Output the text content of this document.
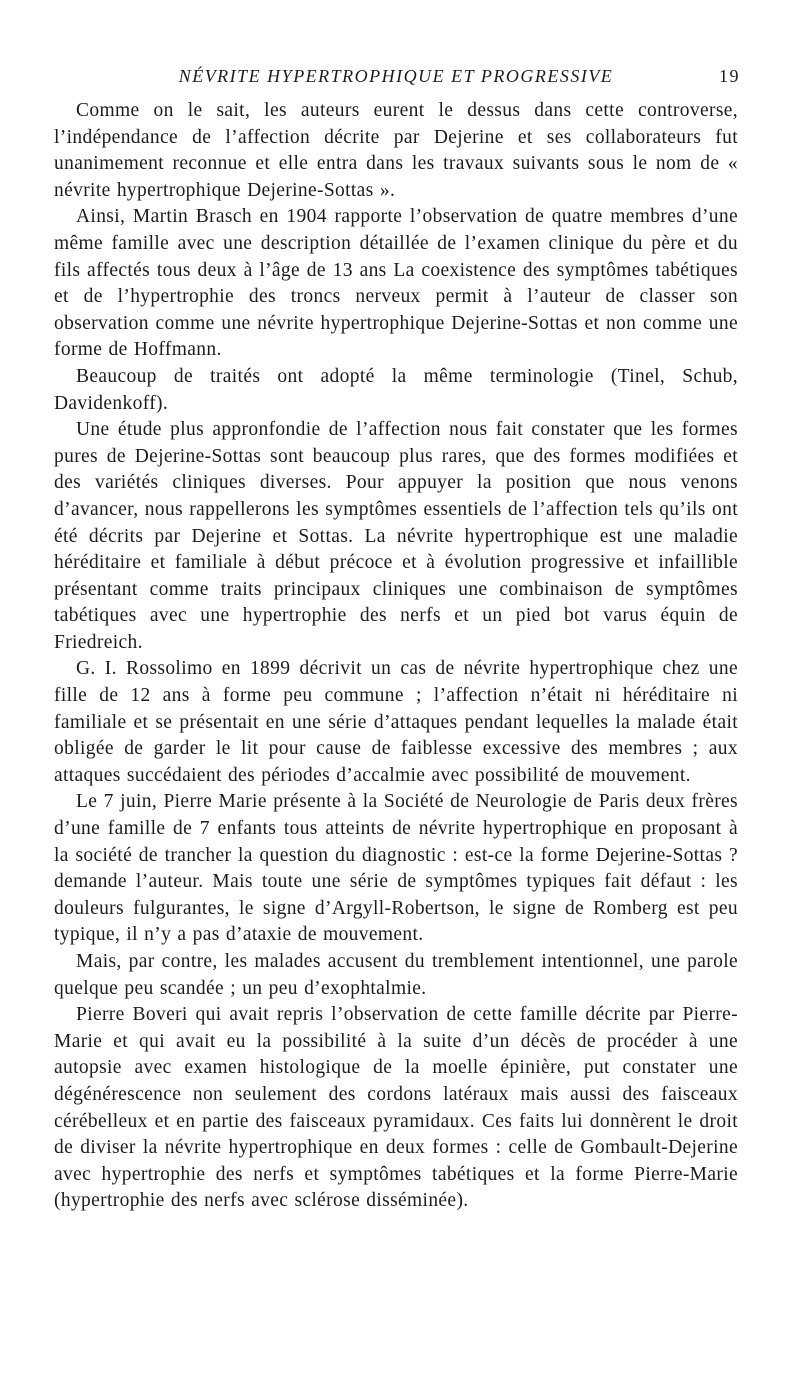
NÉVRITE HYPERTROPHIQUE ET PROGRESSIVE	19

Comme on le sait, les auteurs eurent le dessus dans cette controverse, l’indépendance de l’affection décrite par Dejerine et ses collaborateurs fut unanimement reconnue et elle entra dans les travaux suivants sous le nom de « névrite hypertrophique Dejerine-Sottas ».

Ainsi, Martin Brasch en 1904 rapporte l’observation de quatre membres d’une même famille avec une description détaillée de l’examen clinique du père et du fils affectés tous deux à l’âge de 13 ans La coexistence des symptômes tabétiques et de l’hypertrophie des troncs nerveux permit à l’auteur de classer son observation comme une névrite hypertrophique Dejerine-Sottas et non comme une forme de Hoffmann.

Beaucoup de traités ont adopté la même terminologie (Tinel, Schub, Davidenkoff).

Une étude plus appronfondie de l’affection nous fait constater que les formes pures de Dejerine-Sottas sont beaucoup plus rares, que des formes modifiées et des variétés cliniques diverses. Pour appuyer la position que nous venons d’avancer, nous rappellerons les symptômes essentiels de l’affection tels qu’ils ont été décrits par Dejerine et Sottas. La névrite hypertrophique est une maladie héréditaire et familiale à début précoce et à évolution progressive et infaillible présentant comme traits principaux cliniques une combinaison de symptômes tabétiques avec une hypertrophie des nerfs et un pied bot varus équin de Friedreich.

G. I. Rossolimo en 1899 décrivit un cas de névrite hypertrophique chez une fille de 12 ans à forme peu commune ; l’affection n’était ni héréditaire ni familiale et se présentait en une série d’attaques pendant lequelles la malade était obligée de garder le lit pour cause de faiblesse excessive des membres ; aux attaques succédaient des périodes d’accalmie avec possibilité de mouvement.

Le 7 juin, Pierre Marie présente à la Société de Neurologie de Paris deux frères d’une famille de 7 enfants tous atteints de névrite hypertrophique en proposant à la société de trancher la question du diagnostic : est-ce la forme Dejerine-Sottas ? demande l’auteur. Mais toute une série de symptômes typiques fait défaut : les douleurs fulgurantes, le signe d’Argyll-Robertson, le signe de Romberg est peu typique, il n’y a pas d’ataxie de mouvement.

Mais, par contre, les malades accusent du tremblement intentionnel, une parole quelque peu scandée ; un peu d’exophtalmie.

Pierre Boveri qui avait repris l’observation de cette famille décrite par Pierre-Marie et qui avait eu la possibilité à la suite d’un décès de procéder à une autopsie avec examen histologique de la moelle épinière, put constater une dégénérescence non seulement des cordons latéraux mais aussi des faisceaux cérébelleux et en partie des faisceaux pyramidaux. Ces faits lui donnèrent le droit de diviser la névrite hypertrophique en deux formes : celle de Gombault-Dejerine avec hypertrophie des nerfs et symptômes tabétiques et la forme Pierre-Marie (hypertrophie des nerfs avec sclérose disséminée).
